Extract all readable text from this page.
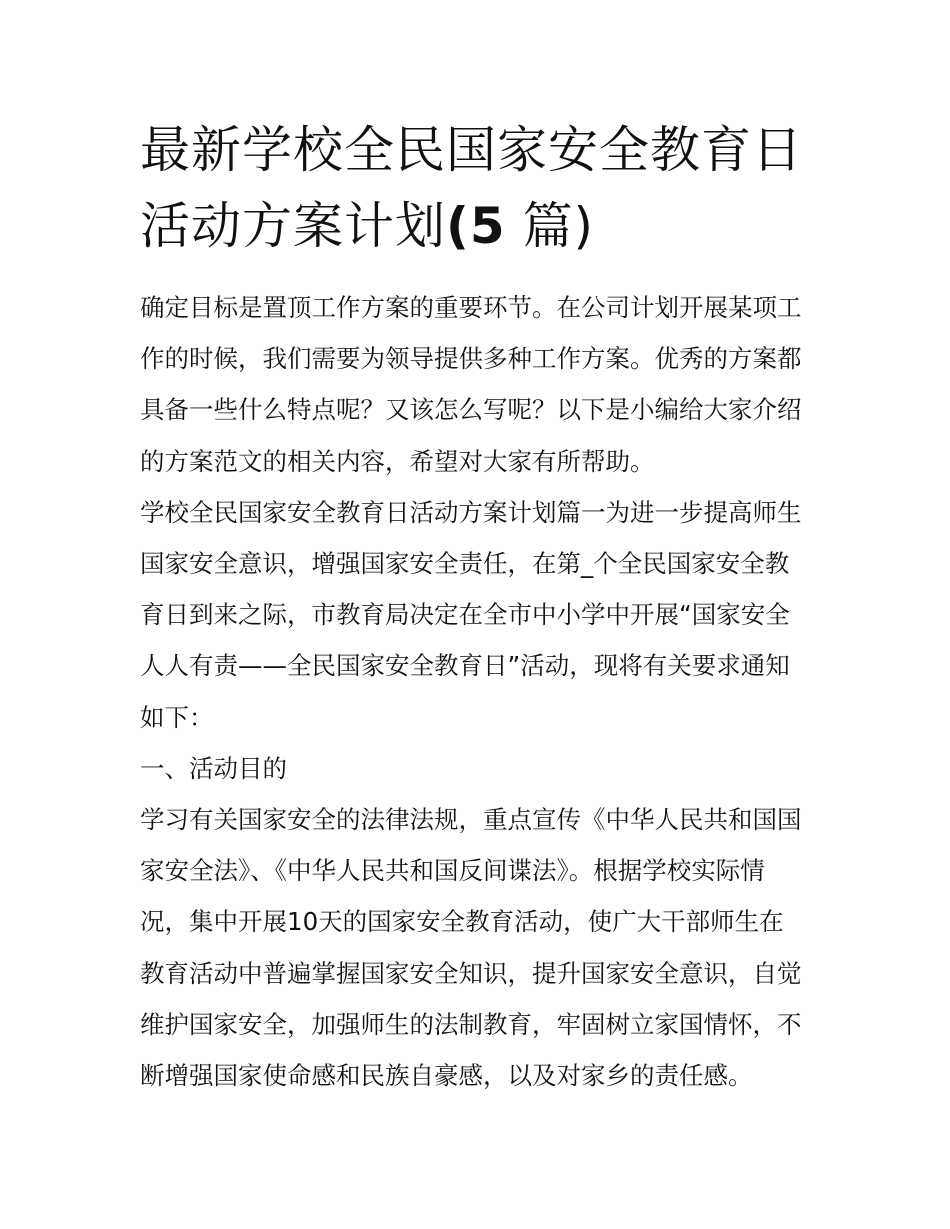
最新学校全民国家安全教育日
活动方案计划(5 篇)

确定目标是置顶工作方案的重要环节。在公司计划开展某项工
作的时候，我们需要为领导提供多种工作方案。优秀的方案都
具备一些什么特点呢？又该怎么写呢？以下是小编给大家介绍
的方案范文的相关内容，希望对大家有所帮助。

学校全民国家安全教育日活动方案计划篇一为进一步提高师生
国家安全意识，增强国家安全责任，在第_个全民国家安全教
育日到来之际，市教育局决定在全市中小学中开展“国家安全
人人有责——全民国家安全教育日”活动，现将有关要求通知
如下：

一、活动目的

学习有关国家安全的法律法规，重点宣传《中华人民共和国国
家安全法》、《中华人民共和国反间谍法》。根据学校实际情
况，集中开展10天的国家安全教育活动，使广大干部师生在
教育活动中普遍掌握国家安全知识，提升国家安全意识，自觉
维护国家安全，加强师生的法制教育，牢固树立家国情怀，不
断增强国家使命感和民族自豪感，以及对家乡的责任感。
